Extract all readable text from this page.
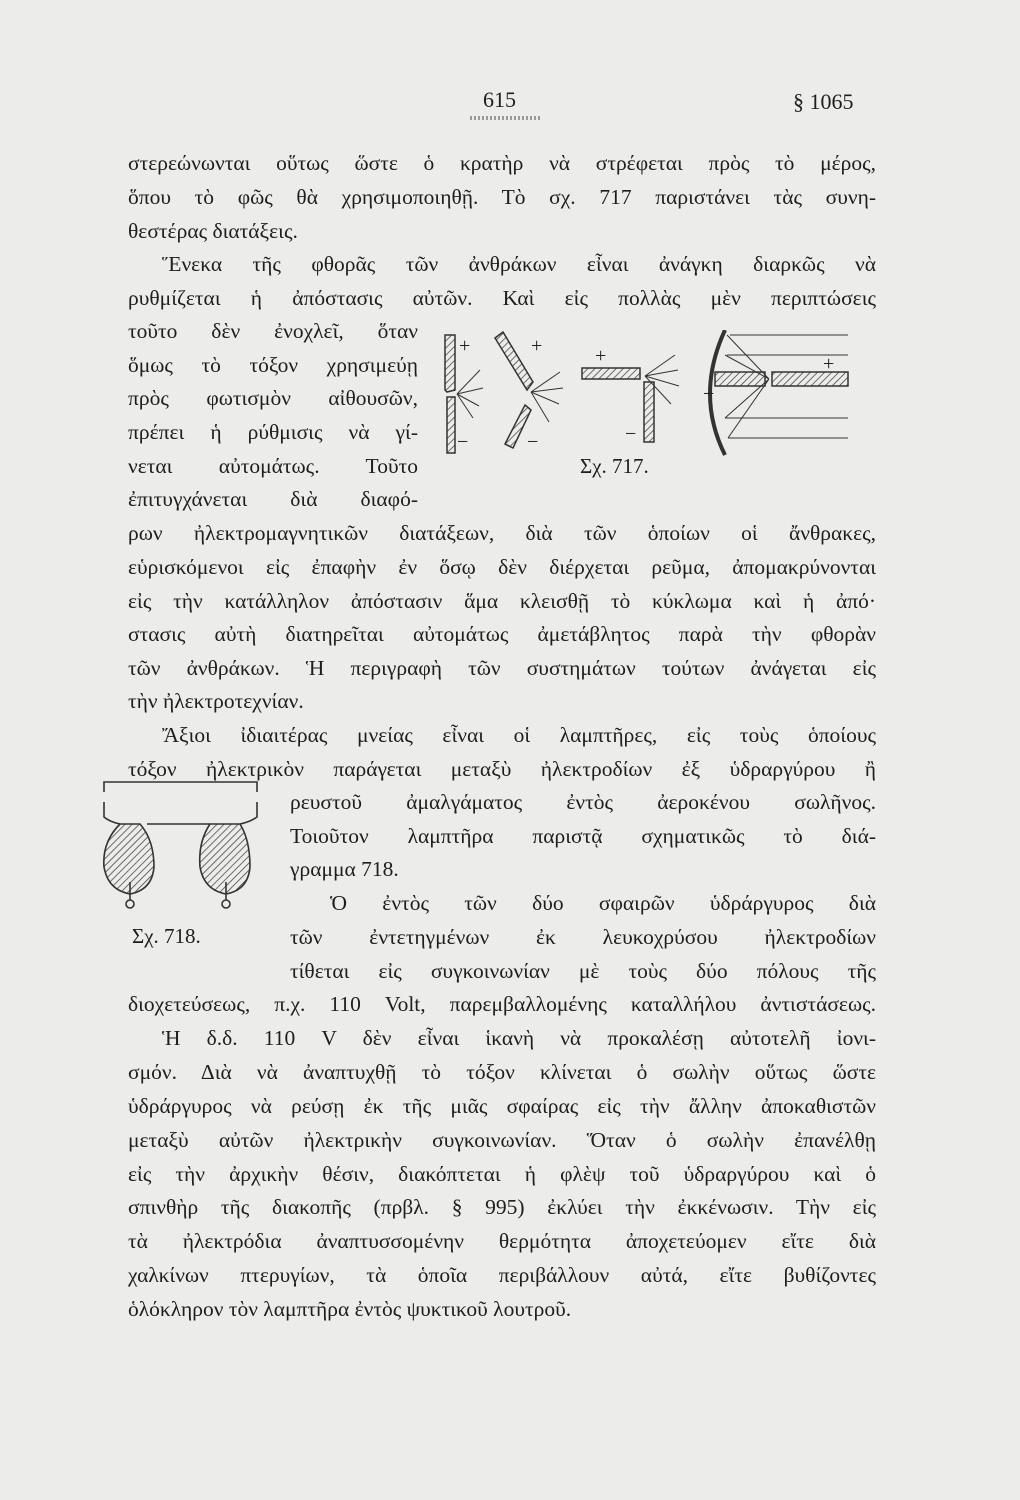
615	§ 1065
στερεώνωνται οὕτως ὥστε ὁ κρατὴρ νὰ στρέφεται πρὸς τὸ μέρος,
ὅπου τὸ φῶς θὰ χρησιμοποιηθῇ. Τὸ σχ. 717 παριστάνει τὰς συνη-
θεστέρας διατάξεις.
Ἕνεκα τῆς φθορᾶς τῶν ἀνθράκων εἶναι ἀνάγκη διαρκῶς νὰ
ρυθμίζεται ἡ ἀπόστασις αὐτῶν. Καὶ εἰς πολλὰς μὲν περιπτώσεις
τοῦτο δὲν ἐνοχλεῖ, ὅταν
ὅμως τὸ τόξον χρησιμεύῃ
πρὸς φωτισμὸν αἰθουσῶν,
πρέπει ἡ ρύθμισις νὰ γί-
νεται αὐτομάτως. Τοῦτο
ἐπιτυγχάνεται διὰ διαφό-
ρων ἠλεκτρομαγνητικῶν διατάξεων, διὰ τῶν ὁποίων οἱ ἄνθρακες,
εὑρισκόμενοι εἰς ἐπαφὴν ἐν ὅσῳ δὲν διέρχεται ρεῦμα, ἀπομακρύνονται
εἰς τὴν κατάλληλον ἀπόστασιν ἅμα κλεισθῇ τὸ κύκλωμα καὶ ἡ ἀπό·
στασις αὐτὴ διατηρεῖται αὐτομάτως ἀμετάβλητος παρὰ τὴν φθορὰν
τῶν ἀνθράκων. Ἡ περιγραφὴ τῶν συστημάτων τούτων ἀνάγεται εἰς
τὴν ἠλεκτροτεχνίαν.
Ἄξιοι ἰδιαιτέρας μνείας εἶναι οἱ λαμπτῆρες, εἰς τοὺς ὁποίους
τόξον ἠλεκτρικὸν παράγεται μεταξὺ ἠλεκτροδίων ἐξ ὑδραργύρου ἢ
ρευστοῦ ἀμαλγάματος ἐντὸς ἀεροκένου σωλῆνος.
Τοιοῦτον λαμπτῆρα παριστᾷ σχηματικῶς τὸ διά-
γραμμα 718.
Ὁ ἐντὸς τῶν δύο σφαιρῶν ὑδράργυρος διὰ
τῶν ἐντετηγμένων ἐκ λευκοχρύσου ἠλεκτροδίων
τίθεται εἰς συγκοινωνίαν μὲ τοὺς δύο πόλους τῆς
διοχετεύσεως, π.χ. 110 Volt, παρεμβαλλομένης καταλλήλου ἀντιστάσεως.
Ἡ δ.δ. 110 V δὲν εἶναι ἱκανὴ νὰ προκαλέσῃ αὐτοτελῆ ἰονι-
σμόν. Διὰ νὰ ἀναπτυχθῇ τὸ τόξον κλίνεται ὁ σωλὴν οὕτως ὥστε
ὑδράργυρος νὰ ρεύσῃ ἐκ τῆς μιᾶς σφαίρας εἰς τὴν ἄλλην ἀποκαθιστῶν
μεταξὺ αὐτῶν ἠλεκτρικὴν συγκοινωνίαν. Ὅταν ὁ σωλὴν ἐπανέλθῃ
εἰς τὴν ἀρχικὴν θέσιν, διακόπτεται ἡ φλὲψ τοῦ ὑδραργύρου καὶ ὁ
σπινθὴρ τῆς διακοπῆς (πρβλ. § 995) ἐκλύει τὴν ἐκκένωσιν. Τὴν εἰς
τὰ ἠλεκτρόδια ἀναπτυσσομένην θερμότητα ἀποχετεύομεν εἴτε διὰ
χαλκίνων πτερυγίων, τὰ ὁποῖα περιβάλλουν αὐτά, εἴτε βυθίζοντες
ὁλόκληρον τὸν λαμπτῆρα ἐντὸς ψυκτικοῦ λουτροῦ.
+
−
+
−
+
−
+
−
Σχ. 717.
Σχ. 718.
